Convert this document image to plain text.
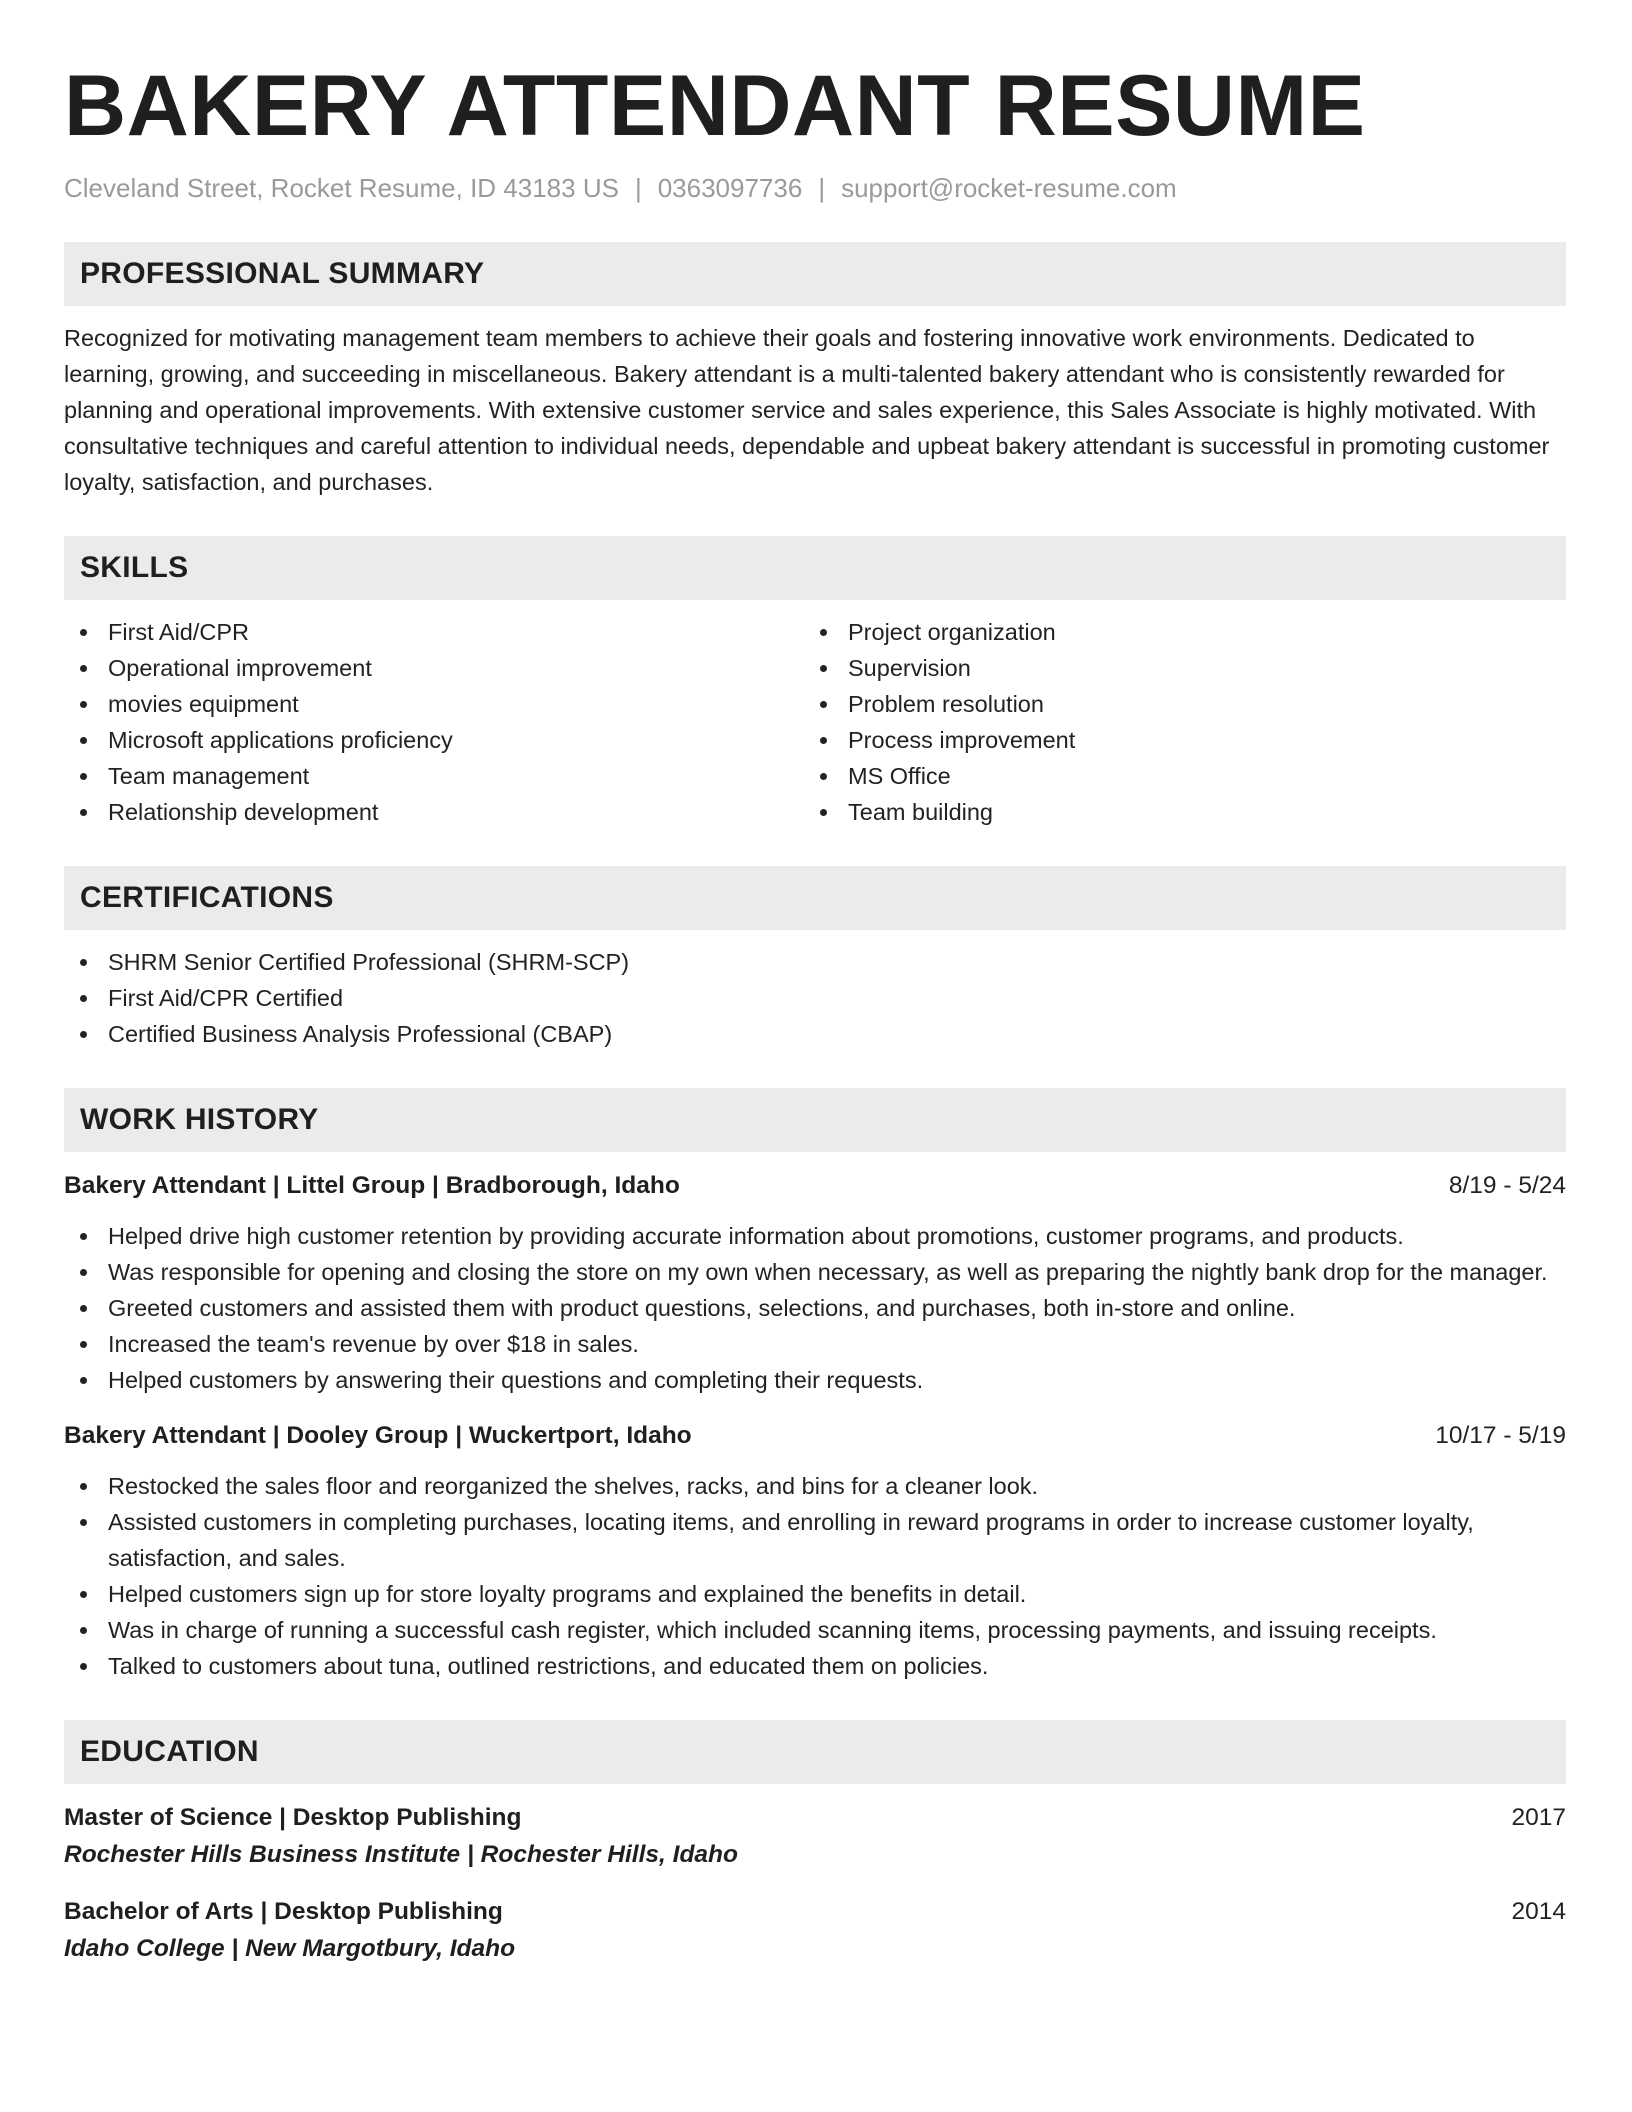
BAKERY ATTENDANT RESUME
Cleveland Street, Rocket Resume, ID 43183 US | 0363097736 | support@rocket-resume.com
PROFESSIONAL SUMMARY

Recognized for motivating management team members to achieve their goals and fostering innovative work environments. Dedicated to learning, growing, and succeeding in miscellaneous. Bakery attendant is a multi-talented bakery attendant who is consistently rewarded for planning and operational improvements. With extensive customer service and sales experience, this Sales Associate is highly motivated. With consultative techniques and careful attention to individual needs, dependable and upbeat bakery attendant is successful in promoting customer loyalty, satisfaction, and purchases.

SKILLS
First Aid/CPR
Operational improvement
movies equipment
Microsoft applications proficiency
Team management
Relationship development
Project organization
Supervision
Problem resolution
Process improvement
MS Office
Team building
CERTIFICATIONS
SHRM Senior Certified Professional (SHRM-SCP)
First Aid/CPR Certified
Certified Business Analysis Professional (CBAP)
WORK HISTORY
Bakery Attendant | Littel Group | Bradborough, Idaho	8/19 - 5/24
Helped drive high customer retention by providing accurate information about promotions, customer programs, and products.
Was responsible for opening and closing the store on my own when necessary, as well as preparing the nightly bank drop for the manager.
Greeted customers and assisted them with product questions, selections, and purchases, both in-store and online.
Increased the team's revenue by over $18 in sales.
Helped customers by answering their questions and completing their requests.
Bakery Attendant | Dooley Group | Wuckertport, Idaho	10/17 - 5/19
Restocked the sales floor and reorganized the shelves, racks, and bins for a cleaner look.
Assisted customers in completing purchases, locating items, and enrolling in reward programs in order to increase customer loyalty, satisfaction, and sales.
Helped customers sign up for store loyalty programs and explained the benefits in detail.
Was in charge of running a successful cash register, which included scanning items, processing payments, and issuing receipts.
Talked to customers about tuna, outlined restrictions, and educated them on policies.
EDUCATION
Master of Science | Desktop Publishing	2017
Rochester Hills Business Institute | Rochester Hills, Idaho
Bachelor of Arts | Desktop Publishing	2014
Idaho College | New Margotbury, Idaho
